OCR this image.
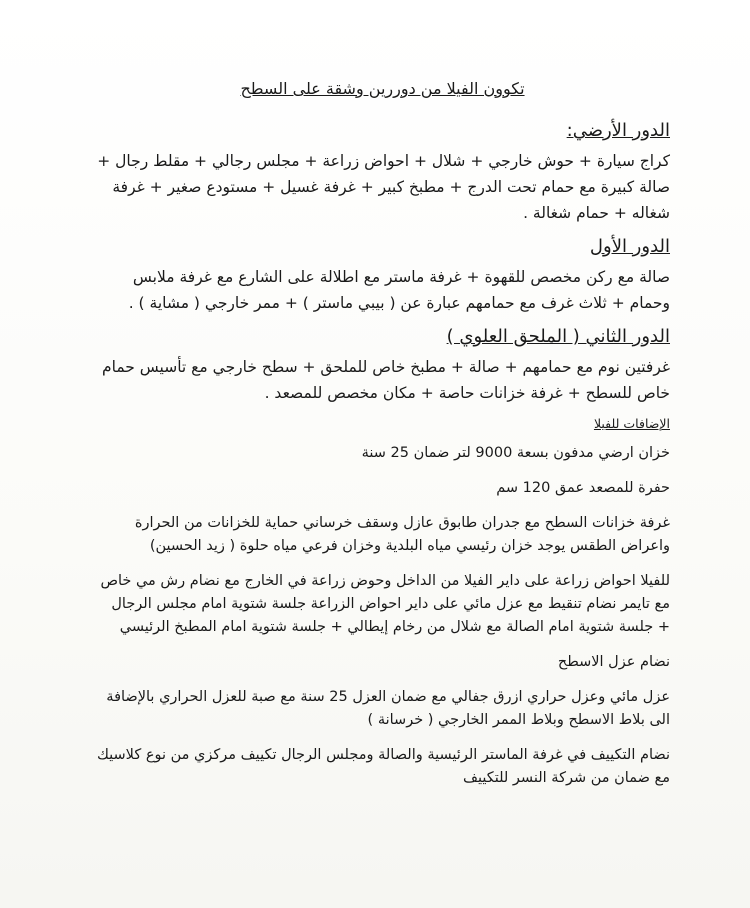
تكوون الفيلا من دوررين وشقة على السطح
الدور الأرضي:
كراج سيارة + حوش خارجي + شلال + احواض زراعة + مجلس رجالي + مقلط رجال + صالة كبيرة مع حمام تحت الدرج + مطبخ كبير + غرفة غسيل + مستودع صغير + غرفة شغاله + حمام شغالة .
الدور الأول
صالة مع ركن مخصص للقهوة + غرفة ماستر مع اطلالة على الشارع مع غرفة ملابس وحمام + ثلاث غرف مع حمامهم عبارة عن ( بيبي ماستر ) + ممر خارجي ( مشاية ) .
الدور الثاني ( الملحق العلوي )
غرفتين نوم مع حمامهم + صالة + مطبخ خاص للملحق + سطح خارجي مع تأسيس حمام خاص للسطح + غرفة خزانات حاصة + مكان مخصص للمصعد .
الإضافات للفيلا
خزان ارضي مدفون بسعة 9000 لتر ضمان 25 سنة
حفرة للمصعد عمق 120 سم
غرفة خزانات السطح مع جدران طابوق عازل وسقف خرساني حماية للخزانات من الحرارة واعراض الطقس يوجد خزان رئيسي مياه البلدية وخزان فرعي مياه حلوة ( زيد الحسين)
للفيلا احواض زراعة على داير الفيلا من الداخل وحوض زراعة في الخارج مع نضام رش مي خاص مع تايمر نضام تنقيط مع عزل مائي على داير احواض الزراعة جلسة شتوية امام مجلس الرجال + جلسة شتوية امام الصالة مع شلال من رخام إيطالي + جلسة شتوية امام المطبخ الرئيسي
نضام عزل الاسطح
عزل مائي وعزل حراري ازرق جفالي مع ضمان العزل 25 سنة مع صبة للعزل الحراري بالإضافة الى بلاط الاسطح وبلاط الممر الخارجي ( خرسانة )
نضام التكييف في غرفة الماستر الرئيسية والصالة ومجلس الرجال تكييف مركزي من نوع كلاسيك مع ضمان من شركة النسر للتكييف
